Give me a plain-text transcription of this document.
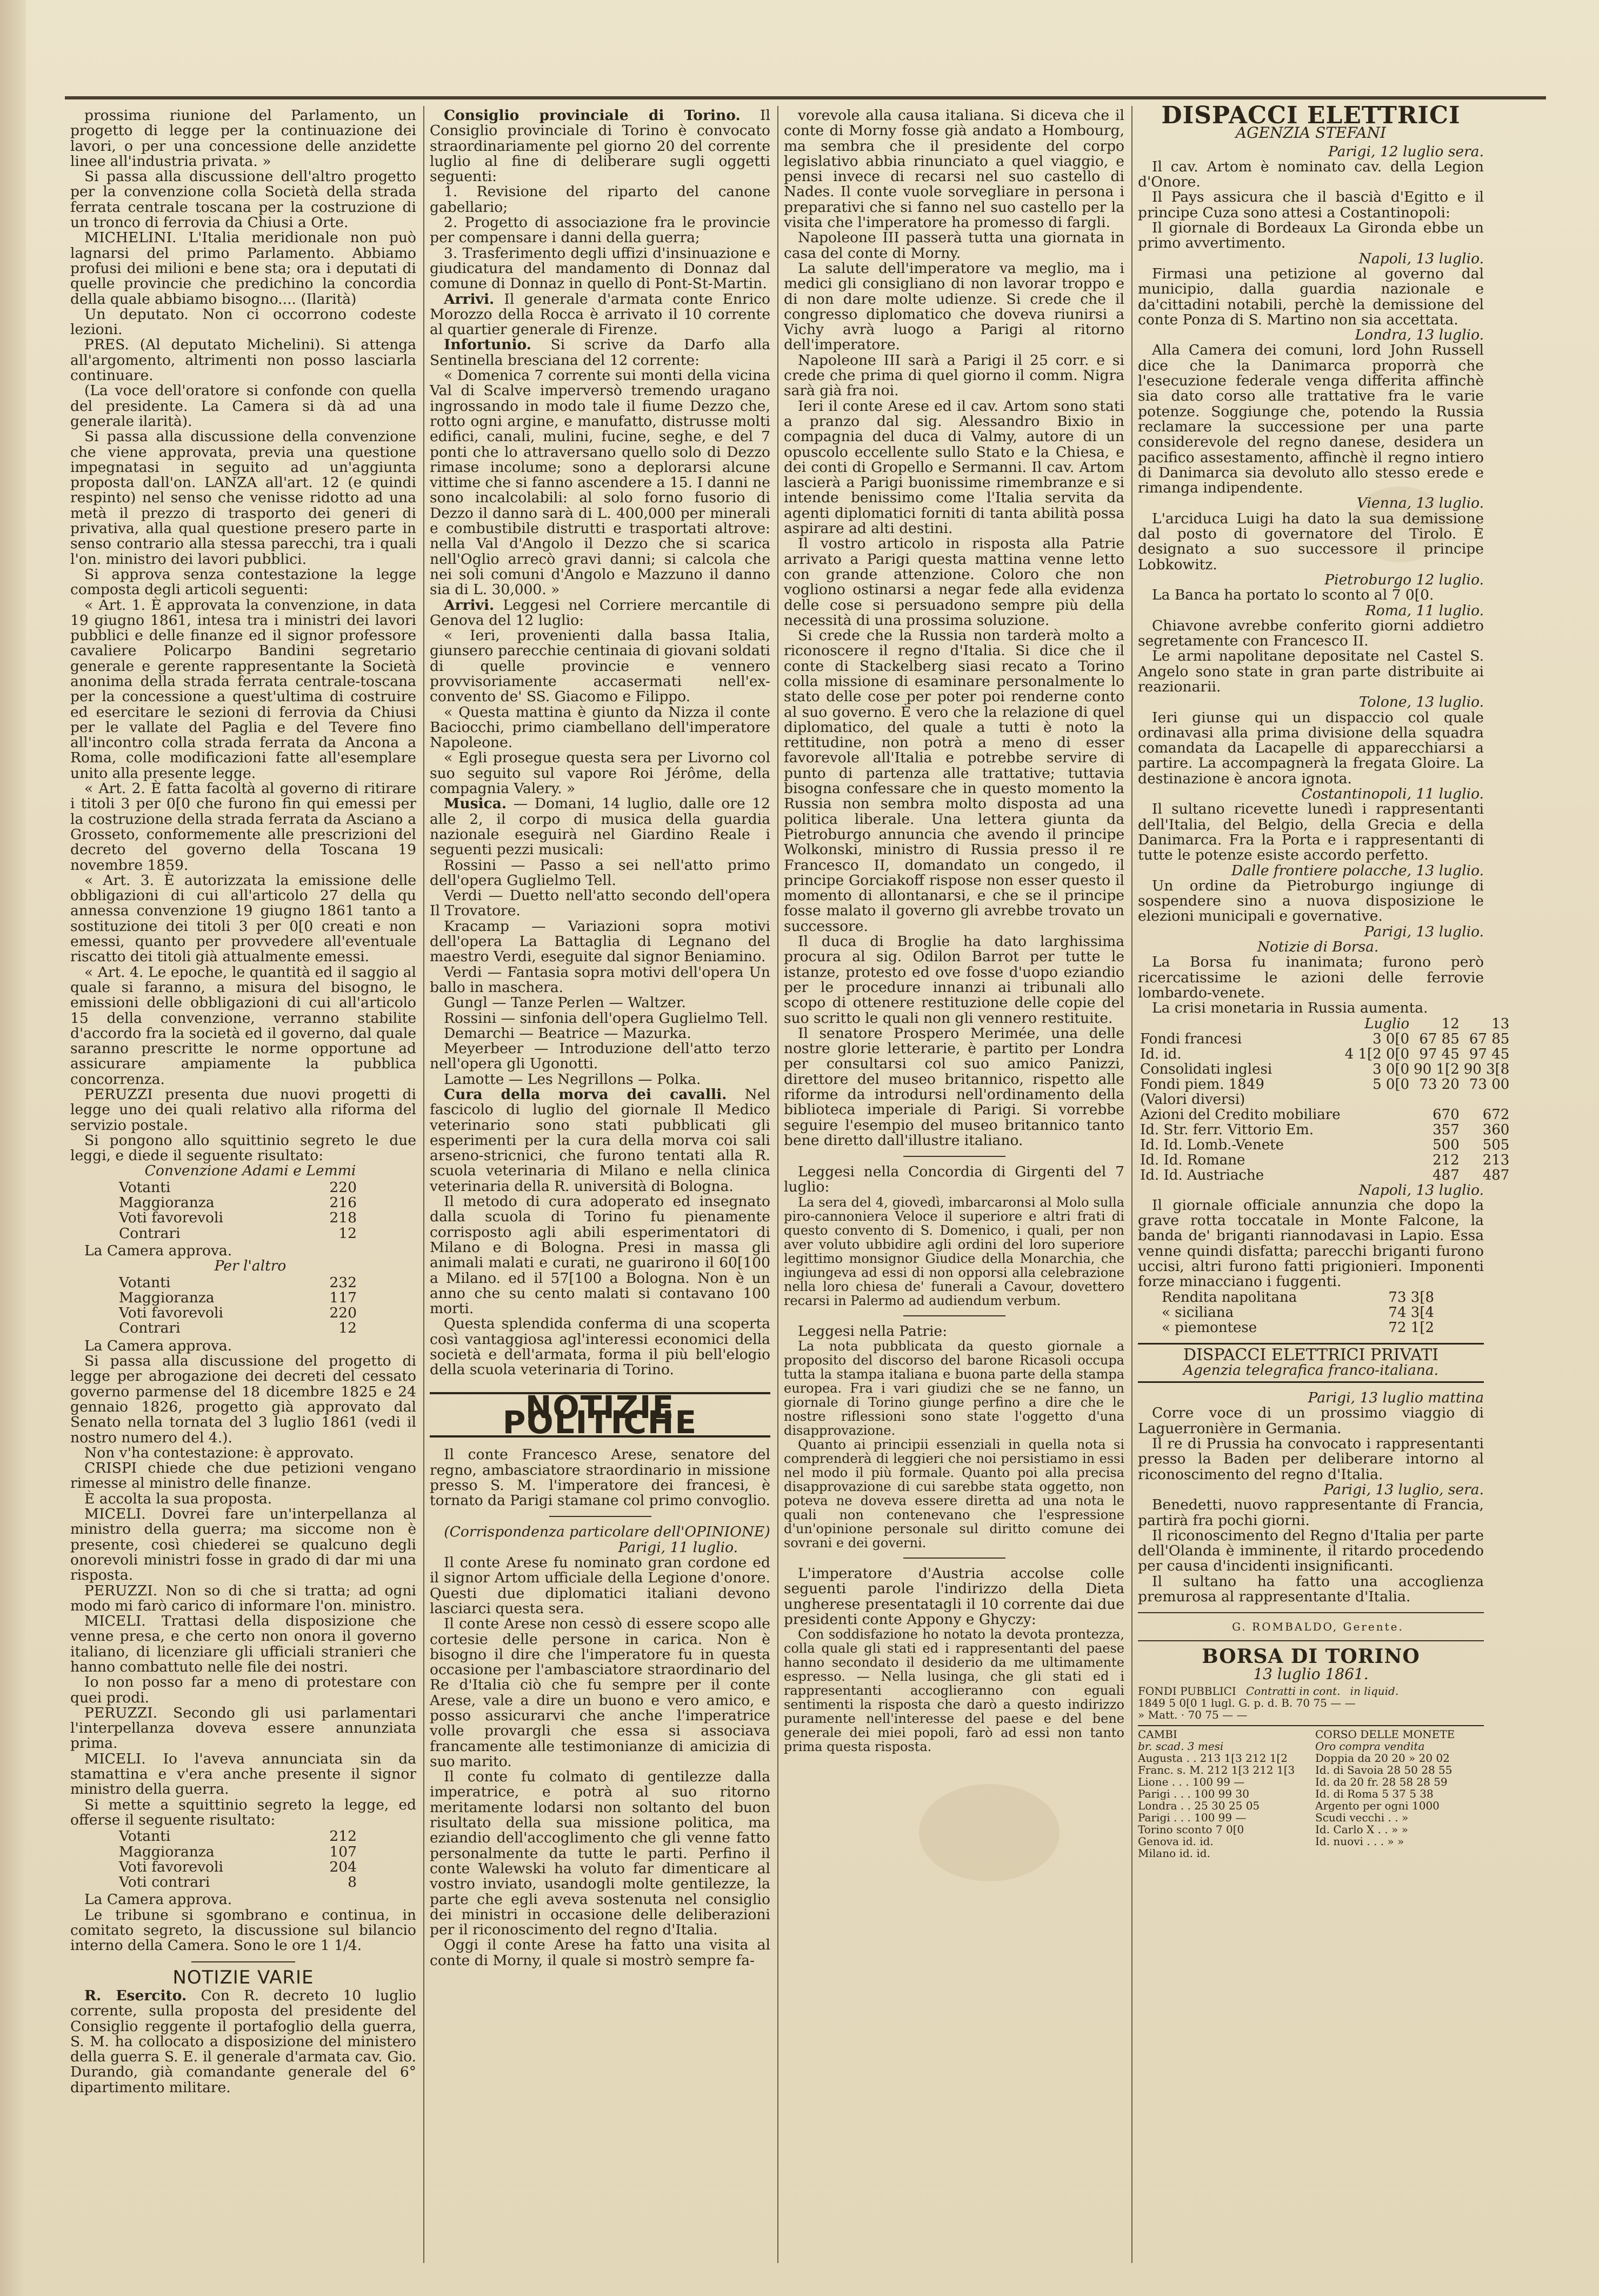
prossima riunione del Parlamento, un progetto di legge per la continuazione dei lavori, o per una concessione delle anzidette linee all'industria privata. »

Si passa alla discussione dell'altro progetto per la convenzione colla Società della strada ferrata centrale toscana per la costruzione di un tronco di ferrovia da Chiusi a Orte.

MICHELINI. L'Italia meridionale non può lagnarsi del primo Parlamento. Abbiamo profusi dei milioni e bene sta; ora i deputati di quelle provincie che predichino la concordia della quale abbiamo bisogno.... (Ilarità)

Un deputato. Non ci occorrono codeste lezioni.

PRES. (Al deputato Michelini). Si attenga all'argomento, altrimenti non posso lasciarla continuare.

(La voce dell'oratore si confonde con quella del presidente. La Camera si dà ad una generale ilarità).

Si passa alla discussione della convenzione che viene approvata, previa una questione impegnatasi in seguito ad un'aggiunta proposta dall'on. LANZA all'art. 12 (e quindi respinto) nel senso che venisse ridotto ad una metà il prezzo di trasporto dei generi di privativa, alla qual questione presero parte in senso contrario alla stessa parecchi, tra i quali l'on. ministro dei lavori pubblici.

Si approva senza contestazione la legge composta degli articoli seguenti:

« Art. 1. È approvata la convenzione, in data 19 giugno 1861, intesa tra i ministri dei lavori pubblici e delle finanze ed il signor professore cavaliere Policarpo Bandini segretario generale e gerente rappresentante la Società anonima della strada ferrata centrale-toscana per la concessione a quest'ultima di costruire ed esercitare le sezioni di ferrovia da Chiusi per le vallate del Paglia e del Tevere fino all'incontro colla strada ferrata da Ancona a Roma, colle modificazioni fatte all'esemplare unito alla presente legge.

« Art. 2. È fatta facoltà al governo di ritirare i titoli 3 per 0[0 che furono fin qui emessi per la costruzione della strada ferrata da Asciano a Grosseto, conformemente alle prescrizioni del decreto del governo della Toscana 19 novembre 1859.

« Art. 3. È autorizzata la emissione delle obbligazioni di cui all'articolo 27 della qu annessa convenzione 19 giugno 1861 tanto a sostituzione dei titoli 3 per 0[0 creati e non emessi, quanto per provvedere all'eventuale riscatto dei titoli già attualmente emessi.

« Art. 4. Le epoche, le quantità ed il saggio al quale si faranno, a misura del bisogno, le emissioni delle obbligazioni di cui all'articolo 15 della convenzione, verranno stabilite d'accordo fra la società ed il governo, dal quale saranno prescritte le norme opportune ad assicurare ampiamente la pubblica concorrenza.

PERUZZI presenta due nuovi progetti di legge uno dei quali relativo alla riforma del servizio postale.

Si pongono allo squittinio segreto le due leggi, e diede il seguente risultato:

Convenzione Adami e Lemmi

Votanti	220
Maggioranza	216
Voti favorevoli	218
Contrari	12

La Camera approva.

Per l'altro

Votanti	232
Maggioranza	117
Voti favorevoli	220
Contrari	12

La Camera approva.

Si passa alla discussione del progetto di legge per abrogazione dei decreti del cessato governo parmense del 18 dicembre 1825 e 24 gennaio 1826, progetto già approvato dal Senato nella tornata del 3 luglio 1861 (vedi il nostro numero del 4.).

Non v'ha contestazione: è approvato.

CRISPI chiede che due petizioni vengano rimesse al ministro delle finanze.

È accolta la sua proposta.

MICELI. Dovrei fare un'interpellanza al ministro della guerra; ma siccome non è presente, così chiederei se qualcuno degli onorevoli ministri fosse in grado di dar mi una risposta.

PERUZZI. Non so di che si tratta; ad ogni modo mi farò carico di informare l'on. ministro.

MICELI. Trattasi della disposizione che venne presa, e che certo non onora il governo italiano, di licenziare gli ufficiali stranieri che hanno combattuto nelle file dei nostri.

Io non posso far a meno di protestare con quei prodi.

PERUZZI. Secondo gli usi parlamentari l'interpellanza doveva essere annunziata prima.

MICELI. Io l'aveva annunciata sin da stamattina e v'era anche presente il signor ministro della guerra.

Si mette a squittinio segreto la legge, ed offerse il seguente risultato:

Votanti	212
Maggioranza	107
Voti favorevoli	204
Voti contrari	8

La Camera approva.

Le tribune si sgombrano e continua, in comitato segreto, la discussione sul bilancio interno della Camera. Sono le ore 1 1/4.

NOTIZIE VARIE

R. Esercito. Con R. decreto 10 luglio corrente, sulla proposta del presidente del Consiglio reggente il portafoglio della guerra, S. M. ha collocato a disposizione del ministero della guerra S. E. il generale d'armata cav. Gio. Durando, già comandante generale del 6° dipartimento militare.

Consiglio provinciale di Torino. Il Consiglio provinciale di Torino è convocato straordinariamente pel giorno 20 del corrente luglio al fine di deliberare sugli oggetti seguenti:

1. Revisione del riparto del canone gabellario;

2. Progetto di associazione fra le provincie per compensare i danni della guerra;

3. Trasferimento degli uffizi d'insinuazione e giudicatura del mandamento di Donnaz dal comune di Donnaz in quello di Pont-St-Martin.

Arrivi. Il generale d'armata conte Enrico Morozzo della Rocca è arrivato il 10 corrente al quartier generale di Firenze.

Infortunio. Si scrive da Darfo alla Sentinella bresciana del 12 corrente:

« Domenica 7 corrente sui monti della vicina Val di Scalve imperversò tremendo uragano ingrossando in modo tale il fiume Dezzo che, rotto ogni argine, e manufatto, distrusse molti edifici, canali, mulini, fucine, seghe, e del 7 ponti che lo attraversano quello solo di Dezzo rimase incolume; sono a deplorarsi alcune vittime che si fanno ascendere a 15. I danni ne sono incalcolabili: al solo forno fusorio di Dezzo il danno sarà di L. 400,000 per minerali e combustibile distrutti e trasportati altrove: nella Val d'Angolo il Dezzo che si scarica nell'Oglio arrecò gravi danni; si calcola che nei soli comuni d'Angolo e Mazzuno il danno sia di L. 30,000. »

Arrivi. Leggesi nel Corriere mercantile di Genova del 12 luglio:

« Ieri, provenienti dalla bassa Italia, giunsero parecchie centinaia di giovani soldati di quelle provincie e vennero provvisoriamente accasermati nell'ex-convento de' SS. Giacomo e Filippo.

« Questa mattina è giunto da Nizza il conte Baciocchi, primo ciambellano dell'imperatore Napoleone.

« Egli prosegue questa sera per Livorno col suo seguito sul vapore Roi Jérôme, della compagnia Valery. »

Musica. — Domani, 14 luglio, dalle ore 12 alle 2, il corpo di musica della guardia nazionale eseguirà nel Giardino Reale i seguenti pezzi musicali:

Rossini — Passo a sei nell'atto primo dell'opera Guglielmo Tell.

Verdi — Duetto nell'atto secondo dell'opera Il Trovatore.

Kracamp — Variazioni sopra motivi dell'opera La Battaglia di Legnano del maestro Verdi, eseguite dal signor Beniamino.

Verdi — Fantasia sopra motivi dell'opera Un ballo in maschera.

Gungl — Tanze Perlen — Waltzer.

Rossini — sinfonia dell'opera Guglielmo Tell.

Demarchi — Beatrice — Mazurka.

Meyerbeer — Introduzione dell'atto terzo nell'opera gli Ugonotti.

Lamotte — Les Negrillons — Polka.

Cura della morva dei cavalli. Nel fascicolo di luglio del giornale Il Medico veterinario sono stati pubblicati gli esperimenti per la cura della morva coi sali arseno-stricnici, che furono tentati alla R. scuola veterinaria di Milano e nella clinica veterinaria della R. università di Bologna.

Il metodo di cura adoperato ed insegnato dalla scuola di Torino fu pienamente corrisposto agli abili esperimentatori di Milano e di Bologna. Presi in massa gli animali malati e curati, ne guarirono il 60[100 a Milano. ed il 57[100 a Bologna. Non è un anno che su cento malati si contavano 100 morti.

Questa splendida conferma di una scoperta così vantaggiosa agl'interessi economici della società e dell'armata, forma il più bell'elogio della scuola veterinaria di Torino.

NOTIZIE POLITICHE

Il conte Francesco Arese, senatore del regno, ambasciatore straordinario in missione presso S. M. l'imperatore dei francesi, è tornato da Parigi stamane col primo convoglio.

(Corrispondenza particolare dell'OPINIONE)

Parigi, 11 luglio.

Il conte Arese fu nominato gran cordone ed il signor Artom ufficiale della Legione d'onore. Questi due diplomatici italiani devono lasciarci questa sera.

Il conte Arese non cessò di essere scopo alle cortesie delle persone in carica. Non è bisogno il dire che l'imperatore fu in questa occasione per l'ambasciatore straordinario del Re d'Italia ciò che fu sempre per il conte Arese, vale a dire un buono e vero amico, e posso assicurarvi che anche l'imperatrice volle provargli che essa si associava francamente alle testimonianze di amicizia di suo marito.

Il conte fu colmato di gentilezze dalla imperatrice, e potrà al suo ritorno meritamente lodarsi non soltanto del buon risultato della sua missione politica, ma eziandio dell'accoglimento che gli venne fatto personalmente da tutte le parti. Perfino il conte Walewski ha voluto far dimenticare al vostro inviato, usandogli molte gentilezze, la parte che egli aveva sostenuta nel consiglio dei ministri in occasione delle deliberazioni per il riconoscimento del regno d'Italia.

Oggi il conte Arese ha fatto una visita al conte di Morny, il quale si mostrò sempre fa-

vorevole alla causa italiana. Si diceva che il conte di Morny fosse già andato a Hombourg, ma sembra che il presidente del corpo legislativo abbia rinunciato a quel viaggio, e pensi invece di recarsi nel suo castello di Nades. Il conte vuole sorvegliare in persona i preparativi che si fanno nel suo castello per la visita che l'imperatore ha promesso di fargli.

Napoleone III passerà tutta una giornata in casa del conte di Morny.

La salute dell'imperatore va meglio, ma i medici gli consigliano di non lavorar troppo e di non dare molte udienze. Si crede che il congresso diplomatico che doveva riunirsi a Vichy avrà luogo a Parigi al ritorno dell'imperatore.

Napoleone III sarà a Parigi il 25 corr. e si crede che prima di quel giorno il comm. Nigra sarà già fra noi.

Ieri il conte Arese ed il cav. Artom sono stati a pranzo dal sig. Alessandro Bixio in compagnia del duca di Valmy, autore di un opuscolo eccellente sullo Stato e la Chiesa, e dei conti di Gropello e Sermanni. Il cav. Artom lascierà a Parigi buonissime rimembranze e si intende benissimo come l'Italia servita da agenti diplomatici forniti di tanta abilità possa aspirare ad alti destini.

Il vostro articolo in risposta alla Patrie arrivato a Parigi questa mattina venne letto con grande attenzione. Coloro che non vogliono ostinarsi a negar fede alla evidenza delle cose si persuadono sempre più della necessità di una prossima soluzione.

Si crede che la Russia non tarderà molto a riconoscere il regno d'Italia. Si dice che il conte di Stackelberg siasi recato a Torino colla missione di esaminare personalmente lo stato delle cose per poter poi renderne conto al suo governo. È vero che la relazione di quel diplomatico, del quale a tutti è noto la rettitudine, non potrà a meno di esser favorevole all'Italia e potrebbe servire di punto di partenza alle trattative; tuttavia bisogna confessare che in questo momento la Russia non sembra molto disposta ad una politica liberale. Una lettera giunta da Pietroburgo annuncia che avendo il principe Wolkonski, ministro di Russia presso il re Francesco II, domandato un congedo, il principe Gorciakoff rispose non esser questo il momento di allontanarsi, e che se il principe fosse malato il governo gli avrebbe trovato un successore.

Il duca di Broglie ha dato larghissima procura al sig. Odilon Barrot per tutte le istanze, protesto ed ove fosse d'uopo eziandio per le procedure innanzi ai tribunali allo scopo di ottenere restituzione delle copie del suo scritto le quali non gli vennero restituite.

Il senatore Prospero Merimée, una delle nostre glorie letterarie, è partito per Londra per consultarsi col suo amico Panizzi, direttore del museo britannico, rispetto alle riforme da introdursi nell'ordinamento della biblioteca imperiale di Parigi. Si vorrebbe seguire l'esempio del museo britannico tanto bene diretto dall'illustre italiano.

Leggesi nella Concordia di Girgenti del 7 luglio:

La sera del 4, giovedì, imbarcaronsi al Molo sulla piro-cannoniera Veloce il superiore e altri frati di questo convento di S. Domenico, i quali, per non aver voluto ubbidire agli ordini del loro superiore legittimo monsignor Giudice della Monarchia, che ingiungeva ad essi di non opporsi alla celebrazione nella loro chiesa de' funerali a Cavour, dovettero recarsi in Palermo ad audiendum verbum.

Leggesi nella Patrie:

La nota pubblicata da questo giornale a proposito del discorso del barone Ricasoli occupa tutta la stampa italiana e buona parte della stampa europea. Fra i vari giudizi che se ne fanno, un giornale di Torino giunge perfino a dire che le nostre riflessioni sono state l'oggetto d'una disapprovazione.

Quanto ai principii essenziali in quella nota si comprenderà di leggieri che noi persistiamo in essi nel modo il più formale. Quanto poi alla precisa disapprovazione di cui sarebbe stata oggetto, non poteva ne doveva essere diretta ad una nota le quali non contenevano che l'espressione d'un'opinione personale sul diritto comune dei sovrani e dei governi.

L'imperatore d'Austria accolse colle seguenti parole l'indirizzo della Dieta ungherese presentatagli il 10 corrente dai due presidenti conte Appony e Ghyczy:

Con soddisfazione ho notato la devota prontezza, colla quale gli stati ed i rappresentanti del paese hanno secondato il desiderio da me ultimamente espresso. — Nella lusinga, che gli stati ed i rappresentanti accoglieranno con eguali sentimenti la risposta che darò a questo indirizzo puramente nell'interesse del paese e del bene generale dei miei popoli, farò ad essi non tanto prima questa risposta.

DISPACCI ELETTRICI
AGENZIA STEFANI

Parigi, 12 luglio sera.

Il cav. Artom è nominato cav. della Legion d'Onore.

Il Pays assicura che il bascià d'Egitto e il principe Cuza sono attesi a Costantinopoli:

Il giornale di Bordeaux La Gironda ebbe un primo avvertimento.

Napoli, 13 luglio.

Firmasi una petizione al governo dal municipio, dalla guardia nazionale e da'cittadini notabili, perchè la demissione del conte Ponza di S. Martino non sia accettata.

Londra, 13 luglio.

Alla Camera dei comuni, lord John Russell dice che la Danimarca proporrà che l'esecuzione federale venga differita affinchè sia dato corso alle trattative fra le varie potenze. Soggiunge che, potendo la Russia reclamare la successione per una parte considerevole del regno danese, desidera un pacifico assestamento, affinchè il regno intiero di Danimarca sia devoluto allo stesso erede e rimanga indipendente.

Vienna, 13 luglio.

L'arciduca Luigi ha dato la sua demissione dal posto di governatore del Tirolo. È designato a suo successore il principe Lobkowitz.

Pietroburgo 12 luglio.

La Banca ha portato lo sconto al 7 0[0.

Roma, 11 luglio.

Chiavone avrebbe conferito giorni addietro segretamente con Francesco II.

Le armi napolitane depositate nel Castel S. Angelo sono state in gran parte distribuite ai reazionarii.

Tolone, 13 luglio.

Ieri giunse qui un dispaccio col quale ordinavasi alla prima divisione della squadra comandata da Lacapelle di apparecchiarsi a partire. La accompagnerà la fregata Gloire. La destinazione è ancora ignota.

Costantinopoli, 11 luglio.

Il sultano ricevette lunedì i rappresentanti dell'Italia, del Belgio, della Grecia e della Danimarca. Fra la Porta e i rappresentanti di tutte le potenze esiste accordo perfetto.

Dalle frontiere polacche, 13 luglio.

Un ordine da Pietroburgo ingiunge di sospendere sino a nuova disposizione le elezioni municipali e governative.

Parigi, 13 luglio.

Notizie di Borsa.

La Borsa fu inanimata; furono però ricercatissime le azioni delle ferrovie lombardo-venete.

La crisi monetaria in Russia aumenta.

	Luglio	12	13
Fondi francesi	3 0[0	67 85	67 85
Id. id.	4 1[2 0[0	97 45	97 45
Consolidati inglesi	3 0[0	90 1[2	90 3[8
Fondi piem. 1849	5 0[0	73 20	73 00
(Valori diversi)			
Azioni del Credito mobiliare		670	672
Id. Str. ferr. Vittorio Em.		357	360
Id. Id. Lomb.-Venete		500	505
Id. Id. Romane		212	213
Id. Id. Austriache		487	487

Napoli, 13 luglio.

Il giornale officiale annunzia che dopo la grave rotta toccatale in Monte Falcone, la banda de' briganti riannodavasi in Lapio. Essa venne quindi disfatta; parecchi briganti furono uccisi, altri furono fatti prigionieri. Imponenti forze minacciano i fuggenti.

Rendita napolitana	73 3[8
« siciliana	74 3[4
« piemontese	72 1[2
DISPACCI ELETTRICI PRIVATI
Agenzia telegrafica franco-italiana.

Parigi, 13 luglio mattina

Corre voce di un prossimo viaggio di Laguerronière in Germania.

Il re di Prussia ha convocato i rappresentanti presso la Baden per deliberare intorno al riconoscimento del regno d'Italia.

Parigi, 13 luglio, sera.

Benedetti, nuovo rappresentante di Francia, partirà fra pochi giorni.

Il riconoscimento del Regno d'Italia per parte dell'Olanda è imminente, il ritardo procedendo per causa d'incidenti insignificanti.

Il sultano ha fatto una accoglienza premurosa al rappresentante d'Italia.

G. ROMBALDO, Gerente.

BORSA DI TORINO
13 luglio 1861.
FONDI PUBBLICI Contratti in cont. in liquid.
1849 5 0[0 1 lugl. G. p. d. B. 70 75 — —
» Matt. · 70 75 — —
CAMBI
br. scad. 3 mesi
Augusta . . 213 1[3 212 1[2
Franc. s. M. 212 1[3 212 1[3
Lione . . . 100 99 —
Parigi . . . 100 99 30
Londra . . 25 30 25 05
Parigi . . . 100 99 —
Torino sconto 7 0[0
Genova id. id.
Milano id. id.
CORSO DELLE MONETE
Oro compra vendita
Doppia da 20 20 » 20 02
Id. di Savoia 28 50 28 55
Id. da 20 fr. 28 58 28 59
Id. di Roma 5 37 5 38
Argento per ogni 1000
Scudi vecchi . . »
Id. Carlo X . . » »
Id. nuovi . . . » »
